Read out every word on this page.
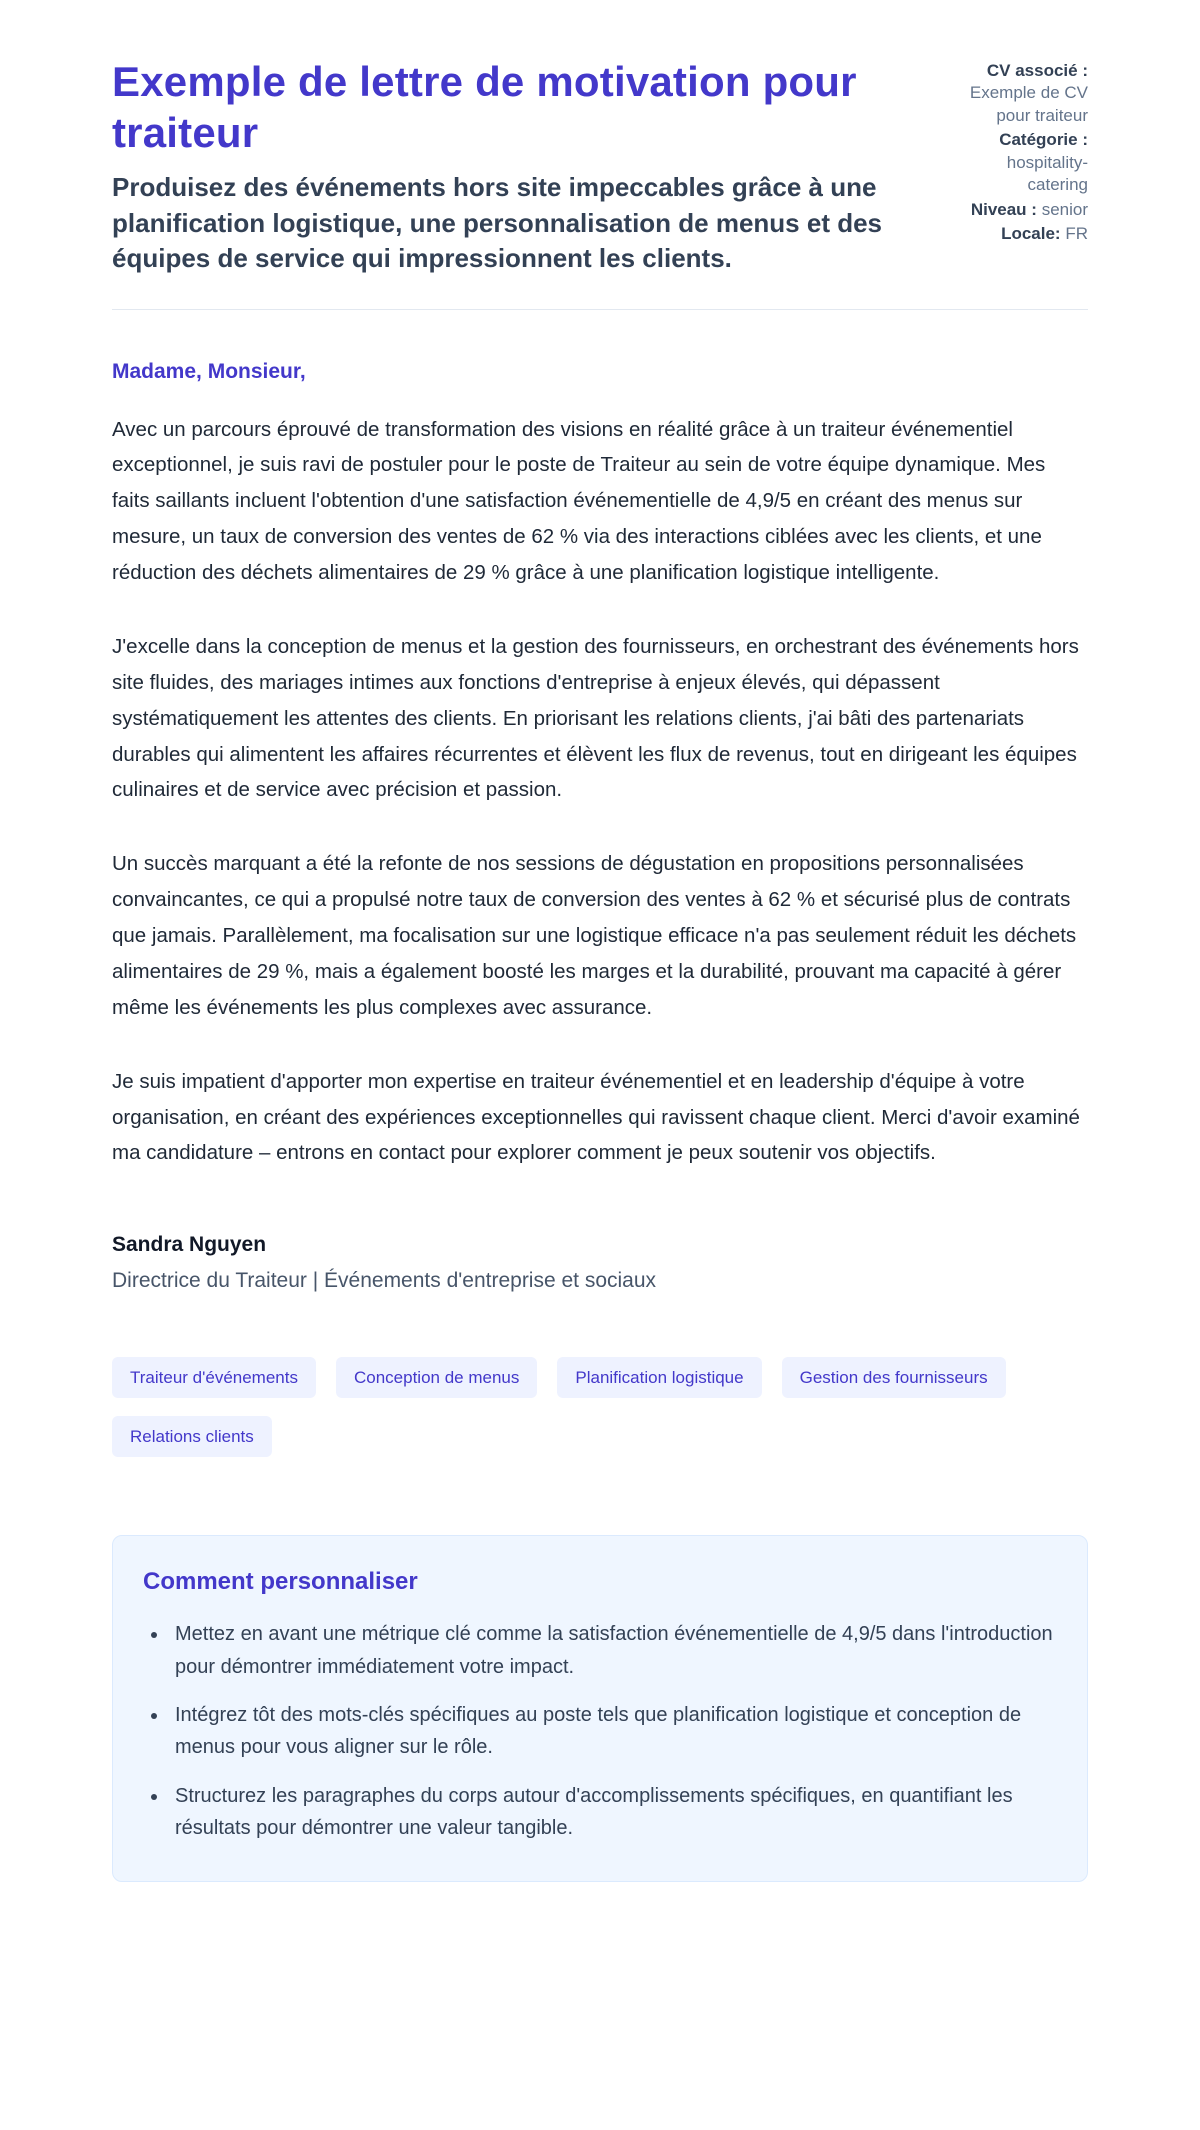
Exemple de lettre de motivation pour traiteur

Produisez des événements hors site impeccables grâce à une planification logistique, une personnalisation de menus et des équipes de service qui impressionnent les clients.

CV associé : Exemple de CV pour traiteur
Catégorie : hospitality-catering
Niveau : senior
Locale: FR

Madame, Monsieur,

Avec un parcours éprouvé de transformation des visions en réalité grâce à un traiteur événementiel exceptionnel, je suis ravi de postuler pour le poste de Traiteur au sein de votre équipe dynamique. Mes faits saillants incluent l'obtention d'une satisfaction événementielle de 4,9/5 en créant des menus sur mesure, un taux de conversion des ventes de 62 % via des interactions ciblées avec les clients, et une réduction des déchets alimentaires de 29 % grâce à une planification logistique intelligente.

J'excelle dans la conception de menus et la gestion des fournisseurs, en orchestrant des événements hors site fluides, des mariages intimes aux fonctions d'entreprise à enjeux élevés, qui dépassent systématiquement les attentes des clients. En priorisant les relations clients, j'ai bâti des partenariats durables qui alimentent les affaires récurrentes et élèvent les flux de revenus, tout en dirigeant les équipes culinaires et de service avec précision et passion.

Un succès marquant a été la refonte de nos sessions de dégustation en propositions personnalisées convaincantes, ce qui a propulsé notre taux de conversion des ventes à 62 % et sécurisé plus de contrats que jamais. Parallèlement, ma focalisation sur une logistique efficace n'a pas seulement réduit les déchets alimentaires de 29 %, mais a également boosté les marges et la durabilité, prouvant ma capacité à gérer même les événements les plus complexes avec assurance.

Je suis impatient d'apporter mon expertise en traiteur événementiel et en leadership d'équipe à votre organisation, en créant des expériences exceptionnelles qui ravissent chaque client. Merci d'avoir examiné ma candidature – entrons en contact pour explorer comment je peux soutenir vos objectifs.

Sandra Nguyen

Directrice du Traiteur | Événements d'entreprise et sociaux

Traiteur d'événements	Conception de menus	Planification logistique	Gestion des fournisseurs
Relations clients
Comment personnaliser
• Mettez en avant une métrique clé comme la satisfaction événementielle de 4,9/5 dans l'introduction pour démontrer immédiatement votre impact.
• Intégrez tôt des mots-clés spécifiques au poste tels que planification logistique et conception de menus pour vous aligner sur le rôle.
• Structurez les paragraphes du corps autour d'accomplissements spécifiques, en quantifiant les résultats pour démontrer une valeur tangible.
